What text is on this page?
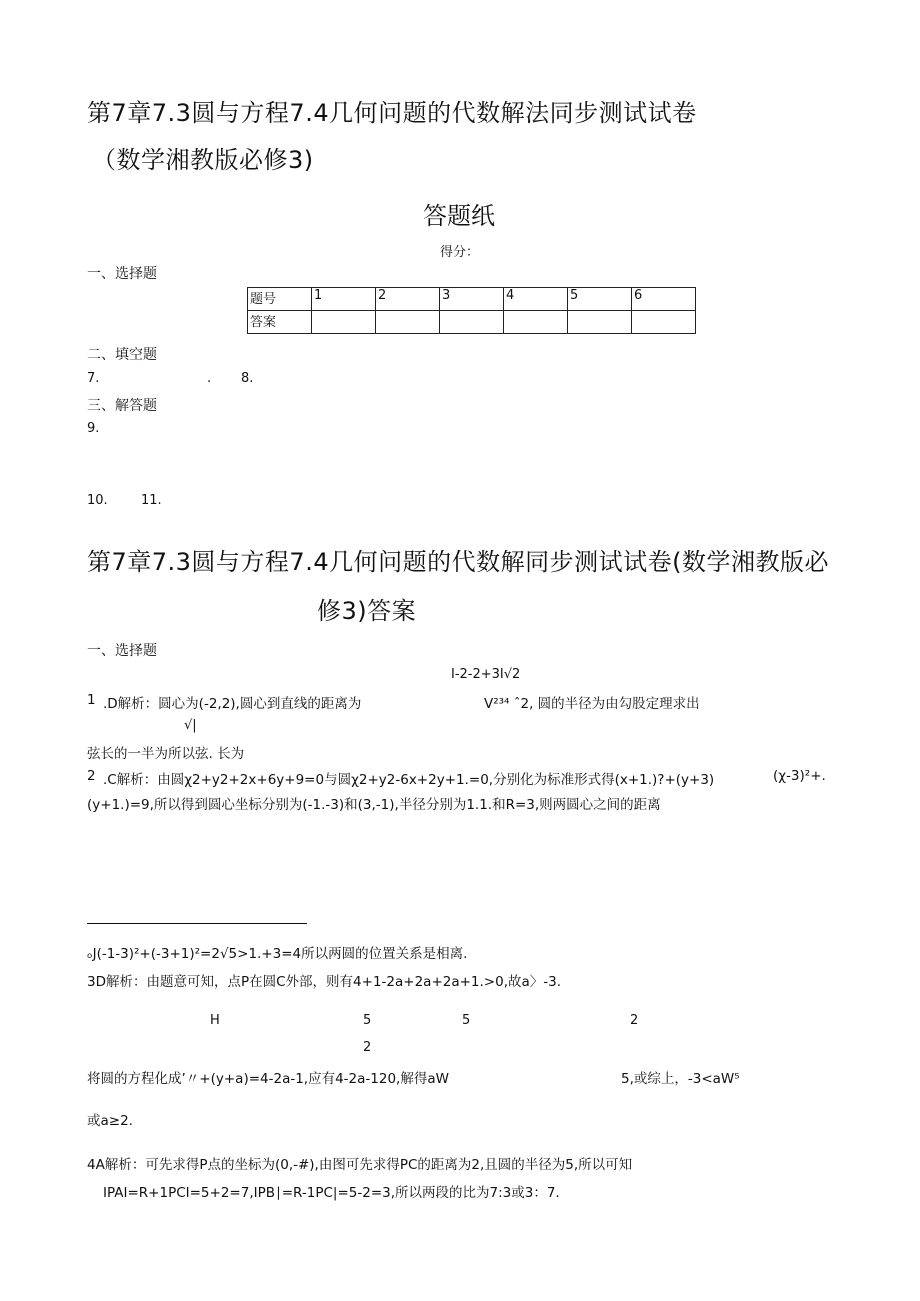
第7章7.3圆与方程7.4几何问题的代数解法同步测试试卷
（数学湘教版必修3)
答题纸
得分：
一、选择题
题号	1	2	3	4	5	6
答案						
二、填空题
7.	. 8.
三、解答题
9.
10.	11.
第7章7.3圆与方程7.4几何问题的代数解同步测试试卷(数学湘教版必
修3)答案
一、选择题
I-2-2+3I√2
1 .D解析：圆心为(-2,2),圆心到直线的距离为	V²³⁴ ˆ2, 圆的半径为由勾股定理求出
√|
弦长的一半为所以弦. 长为
2 .C解析：由圆χ2+y2+2x+6y+9=0与圆χ2+y2-6x+2y+1.=0,分别化为标准形式得(x+1.)?+(y+3)	(χ-3)²+.
(y+1.)=9,所以得到圆心坐标分别为(-1.-3)和(3,-1),半径分别为1.1.和R=3,则两圆心之间的距离
ₒJ(-1-3)²+(-3+1)²=2√5>1.+3=4所以两圆的位置关系是相离.
3D解析：由题意可知，点P在圆C外部，则有4+1-2a+2a+2a+1.>0,故a〉-3.
H	5	5	2
2
将圆的方程化成’〃+(y+a)=4-2a-1,应有4-2a-120,解得aW	5,或综上，-3<aW⁵
或a≥2.
4A解析：可先求得P点的坐标为(0,-#),由图可先求得PC的距离为2,且圆的半径为5,所以可知
IPAI=R+1PCI=5+2=7,IPB∣=R-1PC|=5-2=3,所以两段的比为7:3或3：7.
